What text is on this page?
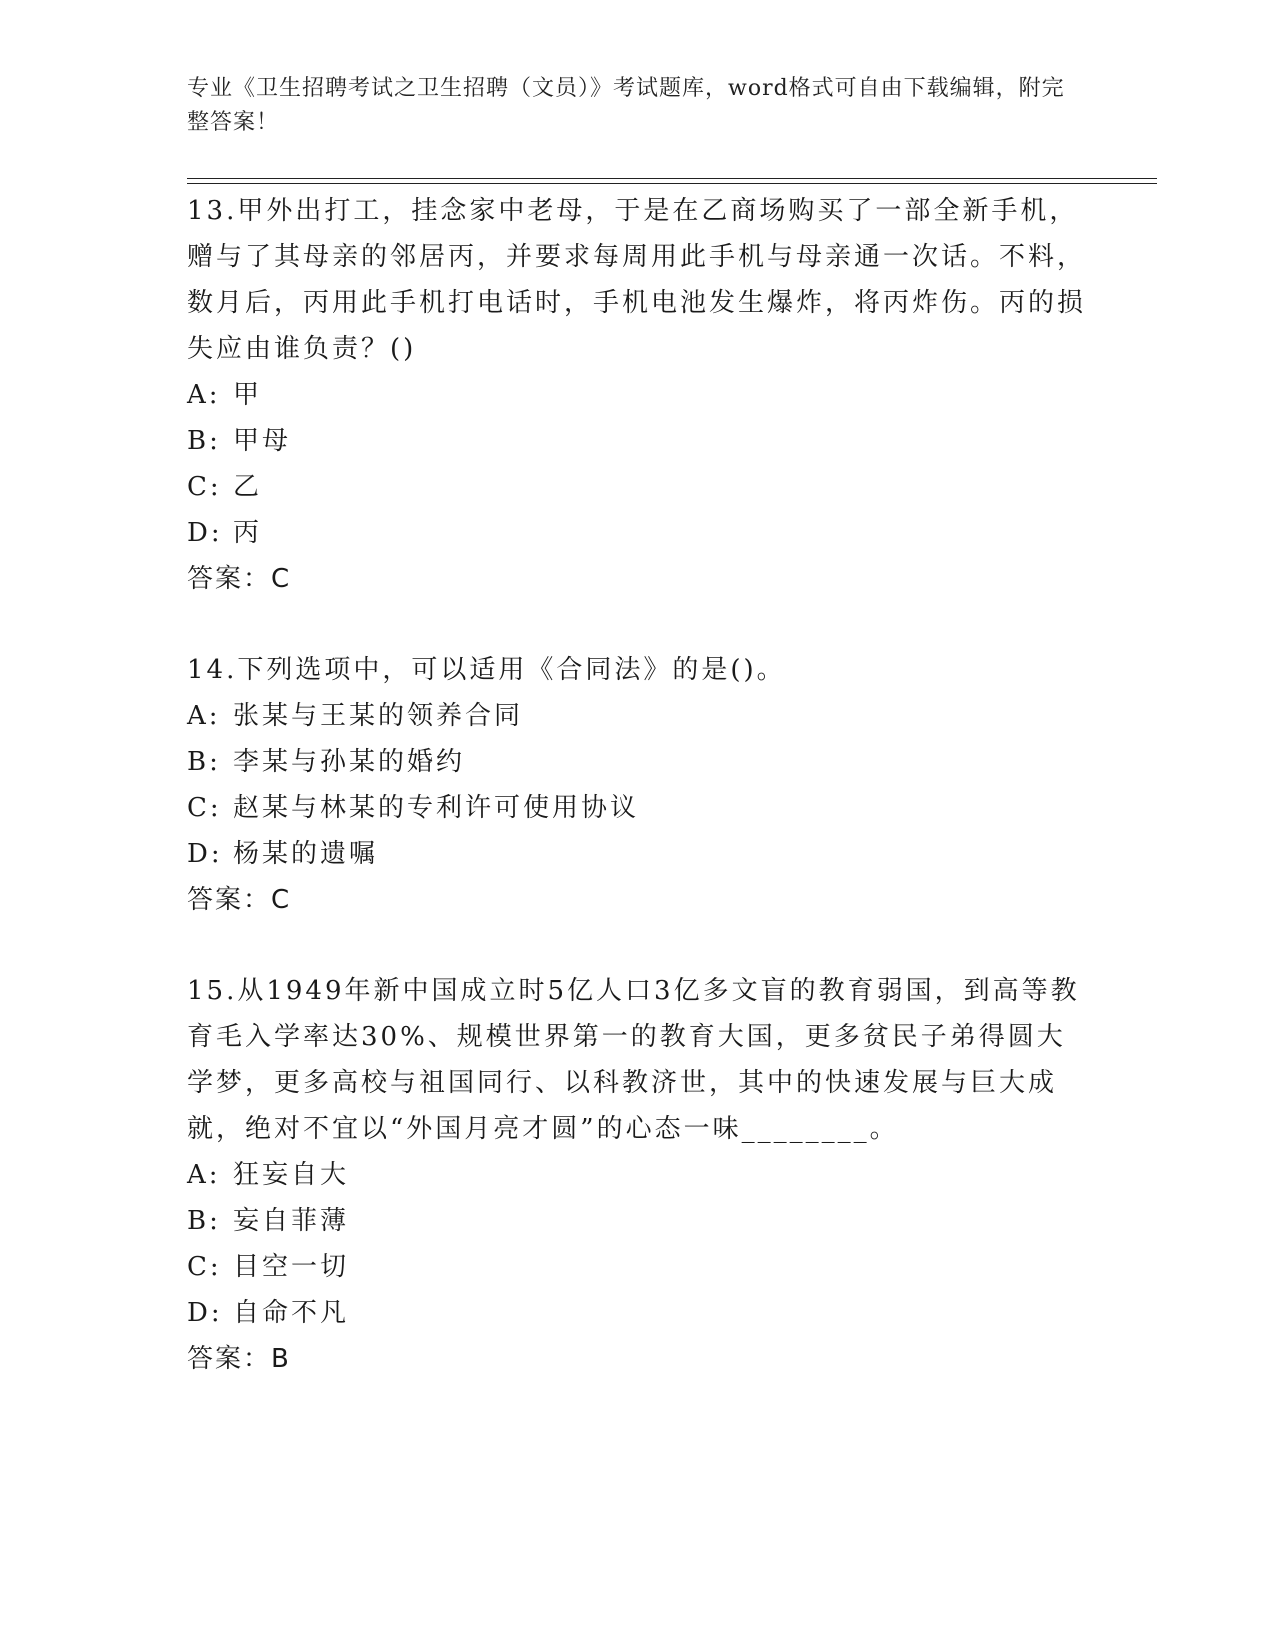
专业《卫生招聘考试之卫生招聘（文员）》考试题库，word格式可自由下载编辑，附完整答案！

13.甲外出打工，挂念家中老母，于是在乙商场购买了一部全新手机，赠与了其母亲的邻居丙，并要求每周用此手机与母亲通一次话。不料，数月后，丙用此手机打电话时，手机电池发生爆炸，将丙炸伤。丙的损失应由谁负责？()

A: 甲

B: 甲母

C: 乙

D: 丙

答案：C

14.下列选项中，可以适用《合同法》的是()。

A: 张某与王某的领养合同

B: 李某与孙某的婚约

C: 赵某与林某的专利许可使用协议

D: 杨某的遗嘱

答案：C

15.从1949年新中国成立时5亿人口3亿多文盲的教育弱国，到高等教育毛入学率达30%、规模世界第一的教育大国，更多贫民子弟得圆大学梦，更多高校与祖国同行、以科教济世，其中的快速发展与巨大成就，绝对不宜以“外国月亮才圆”的心态一味________。

A: 狂妄自大

B: 妄自菲薄

C: 目空一切

D: 自命不凡

答案：B
